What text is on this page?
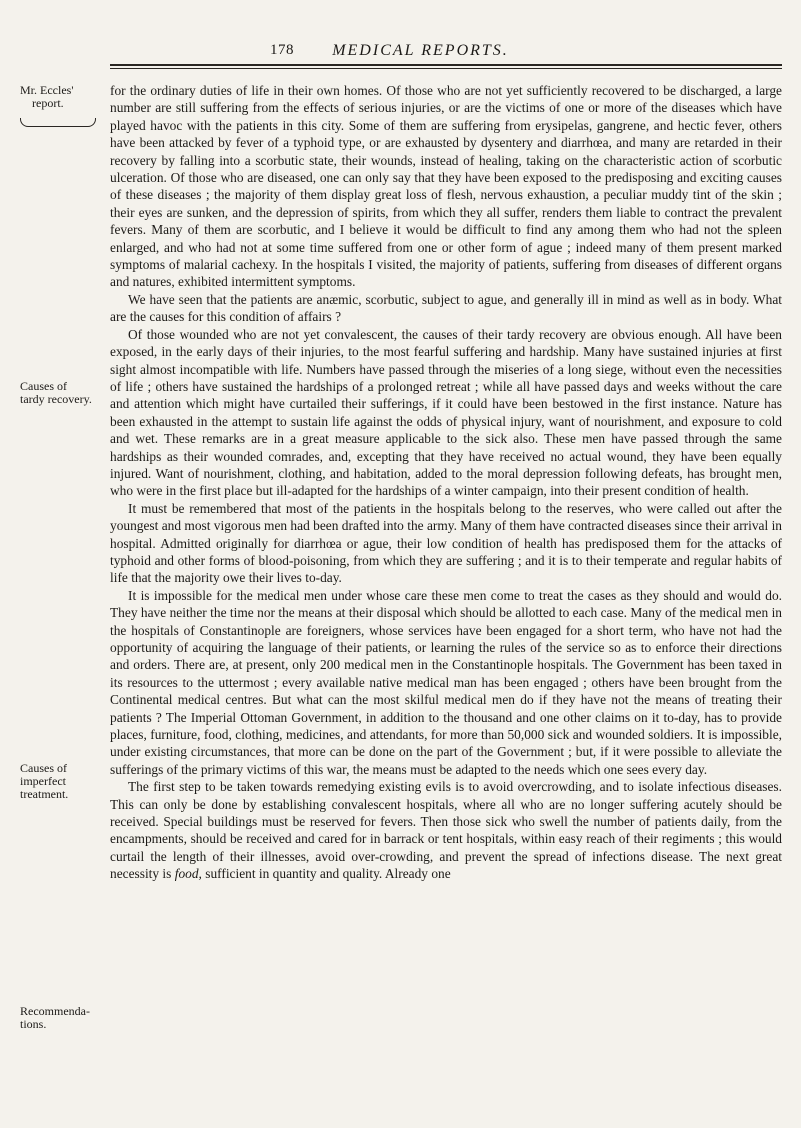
178	MEDICAL REPORTS.
Mr. Eccles'
report.
Causes of
tardy recovery.
Causes of
imperfect
treatment.
Recommenda-
tions.

for the ordinary duties of life in their own homes. Of those who are not yet sufficiently recovered to be discharged, a large number are still suffering from the effects of serious injuries, or are the victims of one or more of the diseases which have played havoc with the patients in this city. Some of them are suffering from erysipelas, gangrene, and hectic fever, others have been attacked by fever of a typhoid type, or are exhausted by dysentery and diarrhœa, and many are retarded in their recovery by falling into a scorbutic state, their wounds, instead of healing, taking on the characteristic action of scorbutic ulceration. Of those who are diseased, one can only say that they have been exposed to the predisposing and exciting causes of these diseases ; the majority of them display great loss of flesh, nervous exhaustion, a peculiar muddy tint of the skin ; their eyes are sunken, and the depression of spirits, from which they all suffer, renders them liable to contract the prevalent fevers. Many of them are scorbutic, and I believe it would be difficult to find any among them who had not the spleen enlarged, and who had not at some time suffered from one or other form of ague ; indeed many of them present marked symptoms of malarial cachexy. In the hospitals I visited, the majority of patients, suffering from diseases of different organs and natures, exhibited intermittent symptoms.

We have seen that the patients are anæmic, scorbutic, subject to ague, and generally ill in mind as well as in body. What are the causes for this condition of affairs ?

Of those wounded who are not yet convalescent, the causes of their tardy recovery are obvious enough. All have been exposed, in the early days of their injuries, to the most fearful suffering and hardship. Many have sustained injuries at first sight almost incompatible with life. Numbers have passed through the miseries of a long siege, without even the necessities of life ; others have sustained the hardships of a prolonged retreat ; while all have passed days and weeks without the care and attention which might have curtailed their sufferings, if it could have been bestowed in the first instance. Nature has been exhausted in the attempt to sustain life against the odds of physical injury, want of nourishment, and exposure to cold and wet. These remarks are in a great measure applicable to the sick also. These men have passed through the same hardships as their wounded comrades, and, excepting that they have received no actual wound, they have been equally injured. Want of nourishment, clothing, and habitation, added to the moral depression following defeats, has brought men, who were in the first place but ill-adapted for the hardships of a winter campaign, into their present condition of health.

It must be remembered that most of the patients in the hospitals belong to the reserves, who were called out after the youngest and most vigorous men had been drafted into the army. Many of them have contracted diseases since their arrival in hospital. Admitted originally for diarrhœa or ague, their low condition of health has predisposed them for the attacks of typhoid and other forms of blood-poisoning, from which they are suffering ; and it is to their temperate and regular habits of life that the majority owe their lives to-day.

It is impossible for the medical men under whose care these men come to treat the cases as they should and would do. They have neither the time nor the means at their disposal which should be allotted to each case. Many of the medical men in the hospitals of Constantinople are foreigners, whose services have been engaged for a short term, who have not had the opportunity of acquiring the language of their patients, or learning the rules of the service so as to enforce their directions and orders. There are, at present, only 200 medical men in the Constantinople hospitals. The Government has been taxed in its resources to the uttermost ; every available native medical man has been engaged ; others have been brought from the Continental medical centres. But what can the most skilful medical men do if they have not the means of treating their patients ? The Imperial Ottoman Government, in addition to the thousand and one other claims on it to-day, has to provide places, furniture, food, clothing, medicines, and attendants, for more than 50,000 sick and wounded soldiers. It is impossible, under existing circumstances, that more can be done on the part of the Government ; but, if it were possible to alleviate the sufferings of the primary victims of this war, the means must be adapted to the needs which one sees every day.

The first step to be taken towards remedying existing evils is to avoid overcrowding, and to isolate infectious diseases. This can only be done by establishing convalescent hospitals, where all who are no longer suffering acutely should be received. Special buildings must be reserved for fevers. Then those sick who swell the number of patients daily, from the encampments, should be received and cared for in barrack or tent hospitals, within easy reach of their regiments ; this would curtail the length of their illnesses, avoid over-crowding, and prevent the spread of infections disease. The next great necessity is food, sufficient in quantity and quality. Already one
